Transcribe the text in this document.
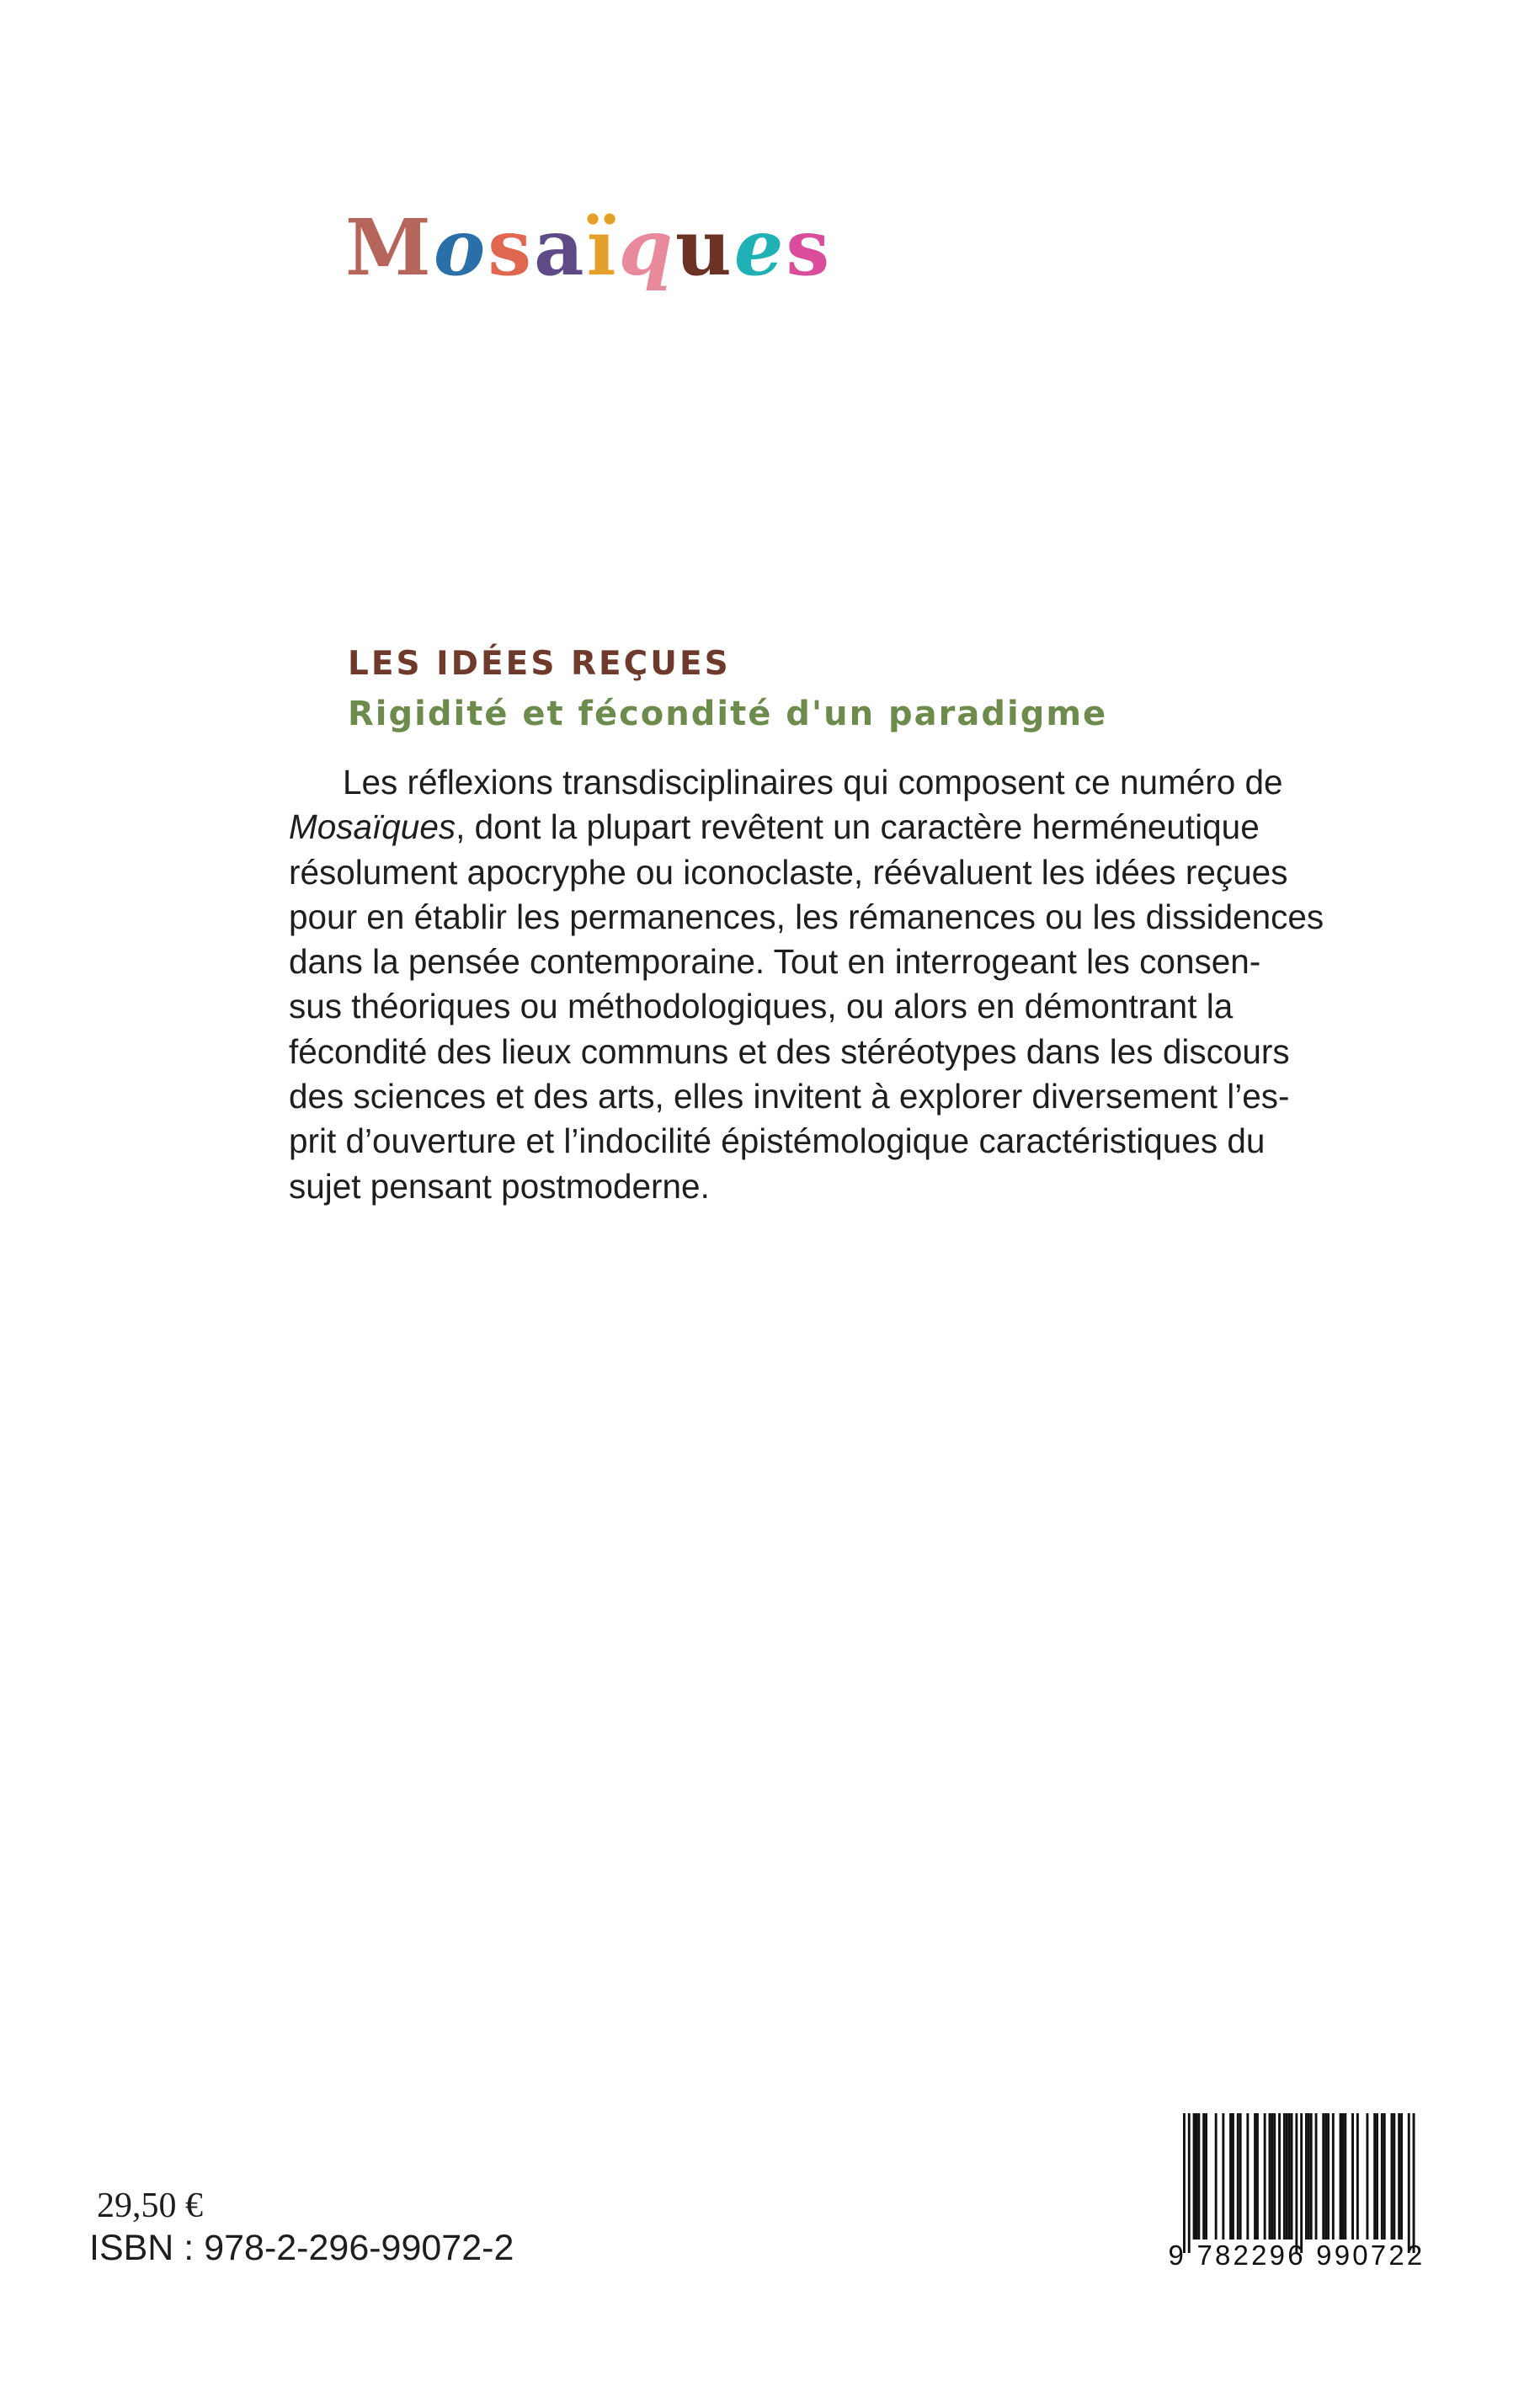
M o s a ï q u e s
LES IDÉES REÇUES
Rigidité et fécondité d'un paradigme
Les réflexions transdisciplinaires qui composent ce numéro de
Mosaïques, dont la plupart revêtent un caractère herméneutique
résolument apocryphe ou iconoclaste, réévaluent les idées reçues
pour en établir les permanences, les rémanences ou les dissidences
dans la pensée contemporaine. Tout en interrogeant les consen-
sus théoriques ou méthodologiques, ou alors en démontrant la
fécondité des lieux communs et des stéréotypes dans les discours
des sciences et des arts, elles invitent à explorer diversement l’es-
prit d’ouverture et l’indocilité épistémologique caractéristiques du
sujet pensant postmoderne.
29,50 €
ISBN : 978-2-296-99072-2	9 782296 990722
